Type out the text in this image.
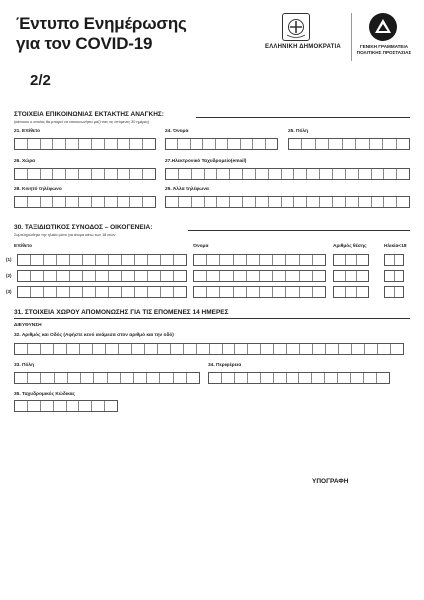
Έντυπο Ενημέρωσης
για τον COVID-19
2/2
ΕΛΛΗΝΙΚΗ ΔΗΜΟΚΡΑΤΙΑ	ΓΕΝΙΚΗ ΓΡΑΜΜΑΤΕΙΑ
ΠΟΛΙΤΙΚΗΣ ΠΡΟΣΤΑΣΙΑΣ
ΣΤΟΙΧΕΙΑ ΕΠΙΚΟΙΝΩΝΙΑΣ ΕΚΤΑΚΤΗΣ ΑΝΑΓΚΗΣ:
(κάποιου ο οποίος θα μπορεί να επικοινωνήσει μαζί σας τις επόμενες 30 ημέρες)
21. Επίθετο	24. Όνομα	25. Πόλη
26. Χώρα	27.Ηλεκτρονικό Ταχυδρομείο(email)
28. Κινητό τηλέφωνο	29. Άλλα τηλέφωνα
30. ΤΑΞΙΔΙΩΤΙΚΟΣ ΣΥΝΟΔΟΣ – ΟΙΚΟΓΕΝΕΙΑ:
Συμπληρώθηκε την ηλικία μόνο για άτομα κάτω των 18 ετών
Επίθετο	Όνομα	Αριθμός θέσης	Ηλικία<18
(1)
(2)
(3)
31. ΣΤΟΙΧΕΙΑ ΧΩΡΟΥ ΑΠΟΜΟΝΩΣΗΣ ΓΙΑ ΤΙΣ ΕΠΟΜΕΝΕΣ 14 ΗΜΕΡΕΣ
ΔΙΕΥΘΥΝΣΗ
32. Αριθμός και Οδός (Αφήστε κενό ανάμεσα στον αριθμό και την οδό)
33. Πόλη	34. Περιφέρεια
35. Ταχυδρομικός Κώδικας
ΥΠΟΓΡΑΦΗ
